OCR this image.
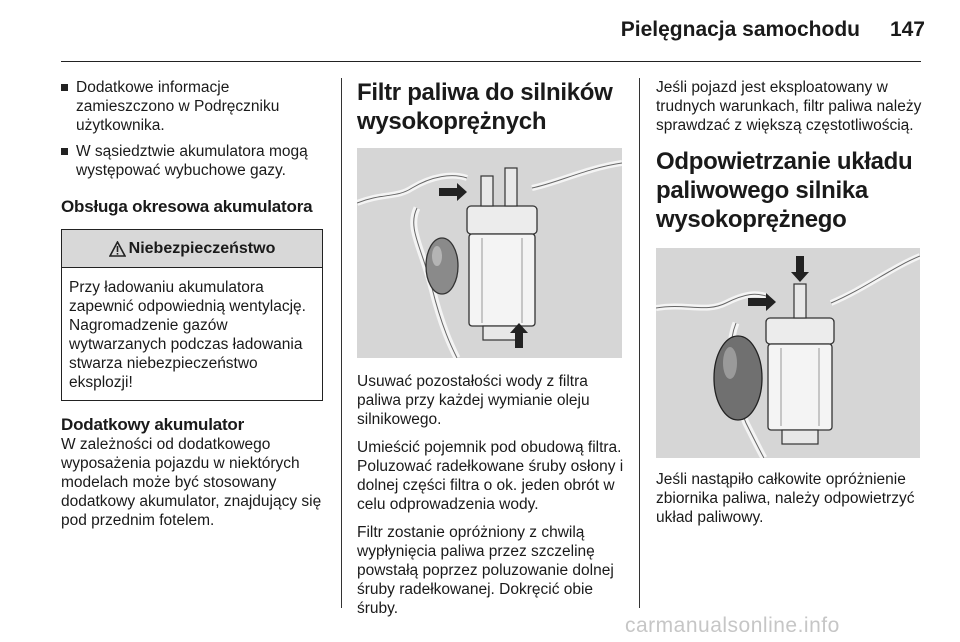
Pielęgnacja samochodu	147
Dodatkowe informacje zamieszczono w Podręczniku użytkownika.
W sąsiedztwie akumulatora mogą występować wybuchowe gazy.
Obsługa okresowa akumulatora
Niebezpieczeństwo
Przy ładowaniu akumulatora zapewnić odpowiednią wentylację. Nagromadzenie gazów wytwarzanych podczas ładowania stwarza niebezpieczeństwo eksplozji!
Dodatkowy akumulator

W zależności od dodatkowego wyposażenia pojazdu w niektórych modelach może być stosowany dodatkowy akumulator, znajdujący się pod przednim fotelem.

Filtr paliwa do silników wysokoprężnych

Usuwać pozostałości wody z filtra paliwa przy każdej wymianie oleju silnikowego.

Umieścić pojemnik pod obudową filtra. Poluzować radełkowane śruby osłony i dolnej części filtra o ok. jeden obrót w celu odprowadzenia wody.

Filtr zostanie opróżniony z chwilą wypłynięcia paliwa przez szczelinę powstałą poprzez poluzowanie dolnej śruby radełkowanej. Dokręcić obie śruby.

Jeśli pojazd jest eksploatowany w trudnych warunkach, filtr paliwa należy sprawdzać z większą częstotliwością.

Odpowietrzanie układu paliwowego silnika wysokoprężnego

Jeśli nastąpiło całkowite opróżnienie zbiornika paliwa, należy odpowietrzyć układ paliwowy.

carmanualsonline.info
